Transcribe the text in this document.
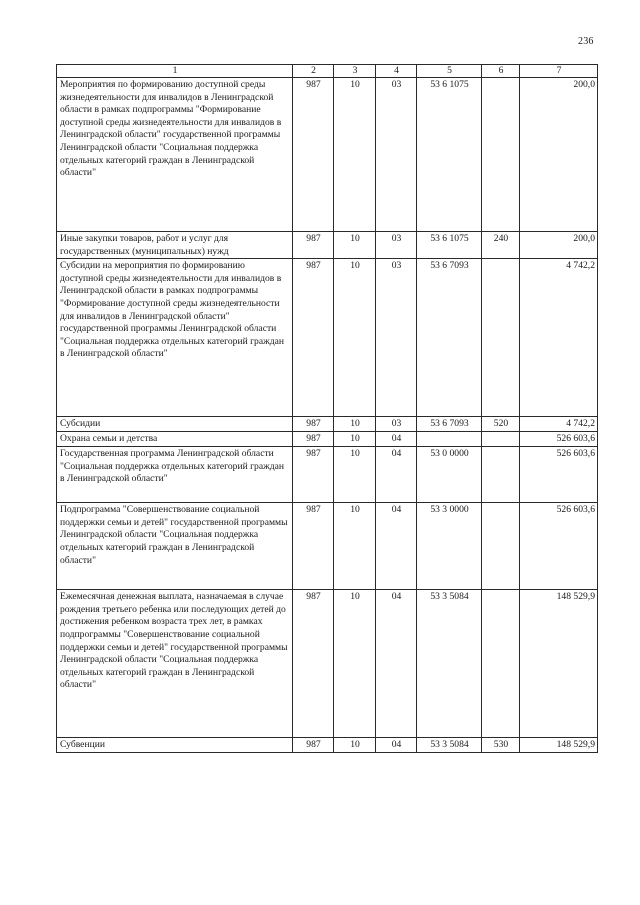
236
1	2	3	4	5	6	7
Мероприятия по формированию доступной среды жизнедеятельности для инвалидов в Ленинградской области в рамках подпрограммы "Формирование доступной среды жизнедеятельности для инвалидов в Ленинградской области" государственной программы Ленинградской области "Социальная поддержка отдельных категорий граждан в Ленинградской области"	987	10	03	53 6 1075		200,0
Иные закупки товаров, работ и услуг для государственных (муниципальных) нужд	987	10	03	53 6 1075	240	200,0
Субсидии на мероприятия по формированию доступной среды жизнедеятельности для инвалидов в Ленинградской области в рамках подпрограммы "Формирование доступной среды жизнедеятельности для инвалидов в Ленинградской области" государственной программы Ленинградской области "Социальная поддержка отдельных категорий граждан в Ленинградской области"	987	10	03	53 6 7093		4 742,2
Субсидии	987	10	03	53 6 7093	520	4 742,2
Охрана семьи и детства	987	10	04			526 603,6
Государственная программа Ленинградской области "Социальная поддержка отдельных категорий граждан в Ленинградской области"	987	10	04	53 0 0000		526 603,6
Подпрограмма "Совершенствование социальной поддержки семьи и детей" государственной программы Ленинградской области "Социальная поддержка отдельных категорий граждан в Ленинградской области"	987	10	04	53 3 0000		526 603,6
Ежемесячная денежная выплата, назначаемая в случае рождения третьего ребенка или последующих детей до достижения ребенком возраста трех лет, в рамках подпрограммы "Совершенствование социальной поддержки семьи и детей" государственной программы Ленинградской области "Социальная поддержка отдельных категорий граждан в Ленинградской области"	987	10	04	53 3 5084		148 529,9
Субвенции	987	10	04	53 3 5084	530	148 529,9
